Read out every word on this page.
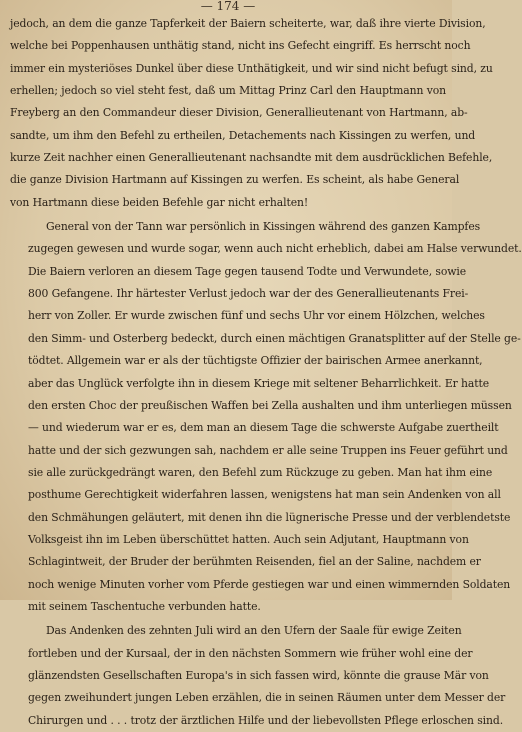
— 174 —
jedoch, an dem die ganze Tapferkeit der Baiern scheiterte, war, daß ihre vierte Division,
welche bei Poppenhausen unthätig stand, nicht ins Gefecht eingriff. Es herrscht noch
immer ein mysteriöses Dunkel über diese Unthätigkeit, und wir sind nicht befugt sind, zu
erhellen; jedoch so viel steht fest, daß um Mittag Prinz Carl den Hauptmann von
Freyberg an den Commandeur dieser Division, Generallieutenant von Hartmann, ab-
sandte, um ihm den Befehl zu ertheilen, Detachements nach Kissingen zu werfen, und
kurze Zeit nachher einen Generallieutenant nachsandte mit dem ausdrücklichen Befehle,
die ganze Division Hartmann auf Kissingen zu werfen. Es scheint, als habe General
von Hartmann diese beiden Befehle gar nicht erhalten!
General von der Tann war persönlich in Kissingen während des ganzen Kampfes
zugegen gewesen und wurde sogar, wenn auch nicht erheblich, dabei am Halse verwundet.
Die Baiern verloren an diesem Tage gegen tausend Todte und Verwundete, sowie
800 Gefangene. Ihr härtester Verlust jedoch war der des Generallieutenants Frei-
herr von Zoller. Er wurde zwischen fünf und sechs Uhr vor einem Hölzchen, welches
den Simm- und Osterberg bedeckt, durch einen mächtigen Granatsplitter auf der Stelle ge-
tödtet. Allgemein war er als der tüchtigste Offizier der bairischen Armee anerkannt,
aber das Unglück verfolgte ihn in diesem Kriege mit seltener Beharrlichkeit. Er hatte
den ersten Choc der preußischen Waffen bei Zella aushalten und ihm unterliegen müssen
— und wiederum war er es, dem man an diesem Tage die schwerste Aufgabe zuertheilt
hatte und der sich gezwungen sah, nachdem er alle seine Truppen ins Feuer geführt und
sie alle zurückgedrängt waren, den Befehl zum Rückzuge zu geben. Man hat ihm eine
posthume Gerechtigkeit widerfahren lassen, wenigstens hat man sein Andenken von all
den Schmähungen geläutert, mit denen ihn die lügnerische Presse und der verblendetste
Volksgeist ihn im Leben überschüttet hatten. Auch sein Adjutant, Hauptmann von
Schlagintweit, der Bruder der berühmten Reisenden, fiel an der Saline, nachdem er
noch wenige Minuten vorher vom Pferde gestiegen war und einen wimmernden Soldaten
mit seinem Taschentuche verbunden hatte.
Das Andenken des zehnten Juli wird an den Ufern der Saale für ewige Zeiten
fortleben und der Kursaal, der in den nächsten Sommern wie früher wohl eine der
glänzendsten Gesellschaften Europa's in sich fassen wird, könnte die grause Mär von
gegen zweihundert jungen Leben erzählen, die in seinen Räumen unter dem Messer der
Chirurgen und . . . trotz der ärztlichen Hilfe und der liebevollsten Pflege erloschen sind.
